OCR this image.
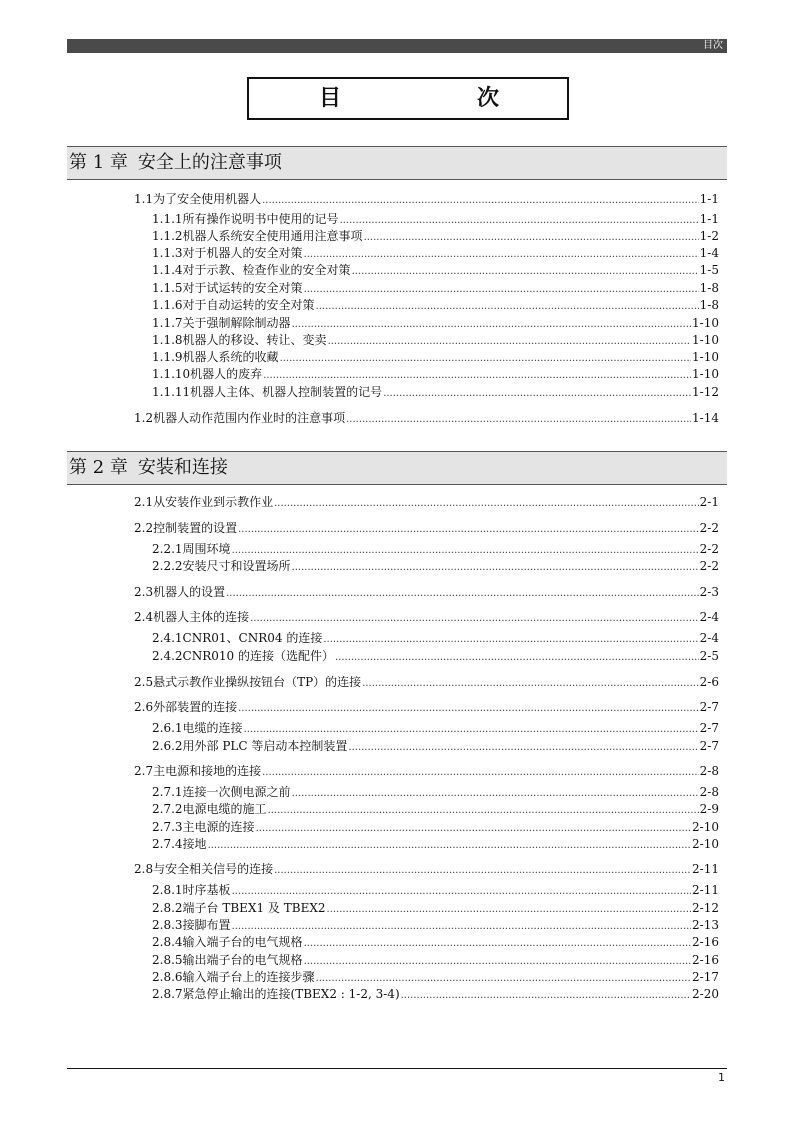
目次
目	次
第 1 章 安全上的注意事项
1.1 为了安全使用机器人 .....	1-1
1.1.1 所有操作说明书中使用的记号 .....	1-1
1.1.2 机器人系统安全使用通用注意事项 .....	1-2
1.1.3 对于机器人的安全对策 .....	1-4
1.1.4 对于示教、检查作业的安全对策 .....	1-5
1.1.5 对于试运转的安全对策 .....	1-8
1.1.6 对于自动运转的安全对策 .....	1-8
1.1.7 关于强制解除制动器 .....	1-10
1.1.8 机器人的移设、转让、变卖 .....	1-10
1.1.9 机器人系统的收藏 .....	1-10
1.1.10 机器人的废弃 .....	1-10
1.1.11 机器人主体、机器人控制装置的记号 .....	1-12
1.2 机器人动作范围内作业时的注意事项 .....	1-14
第 2 章 安装和连接
2.1 从安装作业到示教作业 .....	2-1
2.2 控制装置的设置 .....	2-2
2.2.1 周围环境 .....	2-2
2.2.2 安装尺寸和设置场所 .....	2-2
2.3 机器人的设置 .....	2-3
2.4 机器人主体的连接 .....	2-4
2.4.1 CNR01、CNR04 的连接 .....	2-4
2.4.2 CNR010 的连接（选配件） .....	2-5
2.5 悬式示教作业操纵按钮台（TP）的连接 .....	2-6
2.6 外部装置的连接 .....	2-7
2.6.1 电缆的连接 .....	2-7
2.6.2 用外部 PLC 等启动本控制装置 .....	2-7
2.7 主电源和接地的连接 .....	2-8
2.7.1 连接一次侧电源之前 .....	2-8
2.7.2 电源电缆的施工 .....	2-9
2.7.3 主电源的连接 .....	2-10
2.7.4 接地 .....	2-10
2.8 与安全相关信号的连接 .....	2-11
2.8.1 时序基板 .....	2-11
2.8.2 端子台 TBEX1 及 TBEX2 .....	2-12
2.8.3 接脚布置 .....	2-13
2.8.4 输入端子台的电气规格 .....	2-16
2.8.5 输出端子台的电气规格 .....	2-16
2.8.6 输入端子台上的连接步骤 .....	2-17
2.8.7 紧急停止输出的连接(TBEX2 : 1-2, 3-4) .....	2-20
1
